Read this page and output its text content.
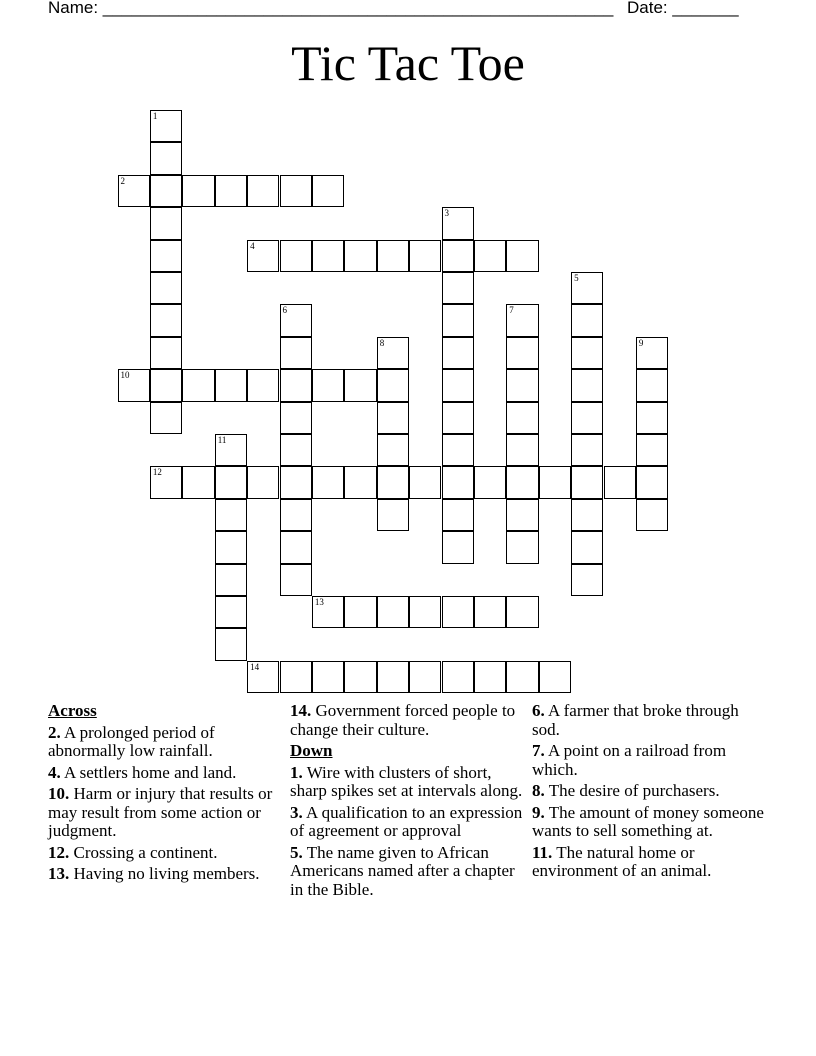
Name: ______________________________________________________ Date: _______
Tic Tac Toe
1
2
3
4
5
6	7
8	9
10
11
12
13
14
Across
2. A prolonged period of abnormally low rainfall.
4. A settlers home and land.
10. Harm or injury that results or may result from some action or judgment.
12. Crossing a continent.
13. Having no living members.
14. Government forced people to change their culture.
Down
1. Wire with clusters of short, sharp spikes set at intervals along.
3. A qualification to an expression of agreement or approval
5. The name given to African Americans named after a chapter in the Bible.
6. A farmer that broke through sod.
7. A point on a railroad from which.
8. The desire of purchasers.
9. The amount of money someone wants to sell something at.
11. The natural home or environment of an animal.
